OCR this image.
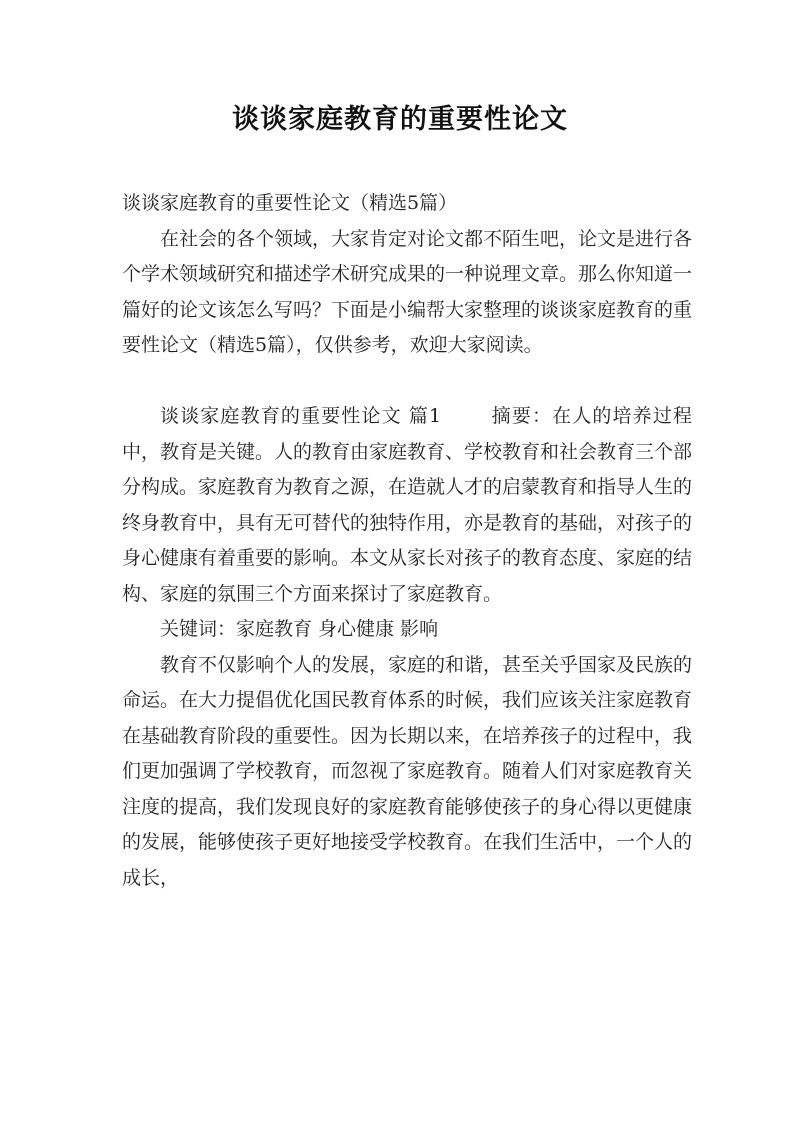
谈谈家庭教育的重要性论文

谈谈家庭教育的重要性论文（精选5篇）

在社会的各个领域，大家肯定对论文都不陌生吧，论文是进行各个学术领域研究和描述学术研究成果的一种说理文章。那么你知道一篇好的论文该怎么写吗？下面是小编帮大家整理的谈谈家庭教育的重要性论文（精选5篇），仅供参考，欢迎大家阅读。

谈谈家庭教育的重要性论文 篇1	摘要：在人的培养过程中，教育是关键。人的教育由家庭教育、学校教育和社会教育三个部分构成。家庭教育为教育之源，在造就人才的启蒙教育和指导人生的终身教育中，具有无可替代的独特作用，亦是教育的基础，对孩子的身心健康有着重要的影响。本文从家长对孩子的教育态度、家庭的结构、家庭的氛围三个方面来探讨了家庭教育。

关键词：家庭教育 身心健康 影响

教育不仅影响个人的发展，家庭的和谐，甚至关乎国家及民族的命运。在大力提倡优化国民教育体系的时候，我们应该关注家庭教育在基础教育阶段的重要性。因为长期以来，在培养孩子的过程中，我们更加强调了学校教育，而忽视了家庭教育。随着人们对家庭教育关注度的提高，我们发现良好的家庭教育能够使孩子的身心得以更健康的发展，能够使孩子更好地接受学校教育。在我们生活中，一个人的成长，
